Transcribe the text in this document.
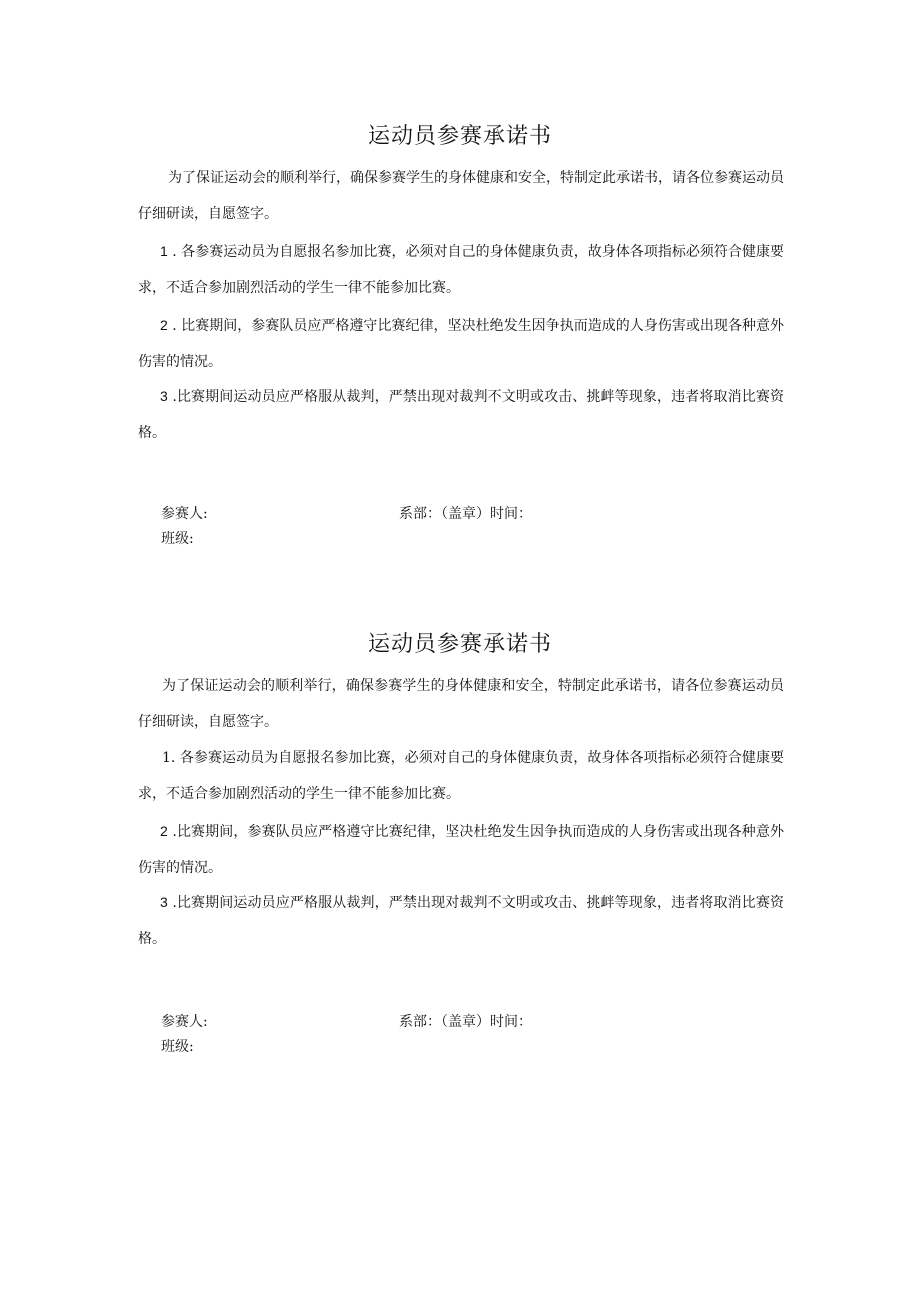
运动员参赛承诺书
为了保证运动会的顺利举行，确保参赛学生的身体健康和安全，特制定此承诺书，请各位参赛运动员仔细研读，自愿签字。
1 . 各参赛运动员为自愿报名参加比赛，必须对自己的身体健康负责，故身体各项指标必须符合健康要求，不适合参加剧烈活动的学生一律不能参加比赛。
2 . 比赛期间，参赛队员应严格遵守比赛纪律，坚决杜绝发生因争执而造成的人身伤害或出现各种意外伤害的情况。
3 .比赛期间运动员应严格服从裁判，严禁出现对裁判不文明或攻击、挑衅等现象，违者将取消比赛资格。
参赛人:	系部：（盖章）时间：
班级:
运动员参赛承诺书
为了保证运动会的顺利举行，确保参赛学生的身体健康和安全，特制定此承诺书，请各位参赛运动员仔细研读，自愿签字。
1. 各参赛运动员为自愿报名参加比赛，必须对自己的身体健康负责，故身体各项指标必须符合健康要求，不适合参加剧烈活动的学生一律不能参加比赛。
2 .比赛期间，参赛队员应严格遵守比赛纪律，坚决杜绝发生因争执而造成的人身伤害或出现各种意外伤害的情况。
3 .比赛期间运动员应严格服从裁判，严禁出现对裁判不文明或攻击、挑衅等现象，违者将取消比赛资格。
参赛人:	系部：（盖章）时间：
班级:
